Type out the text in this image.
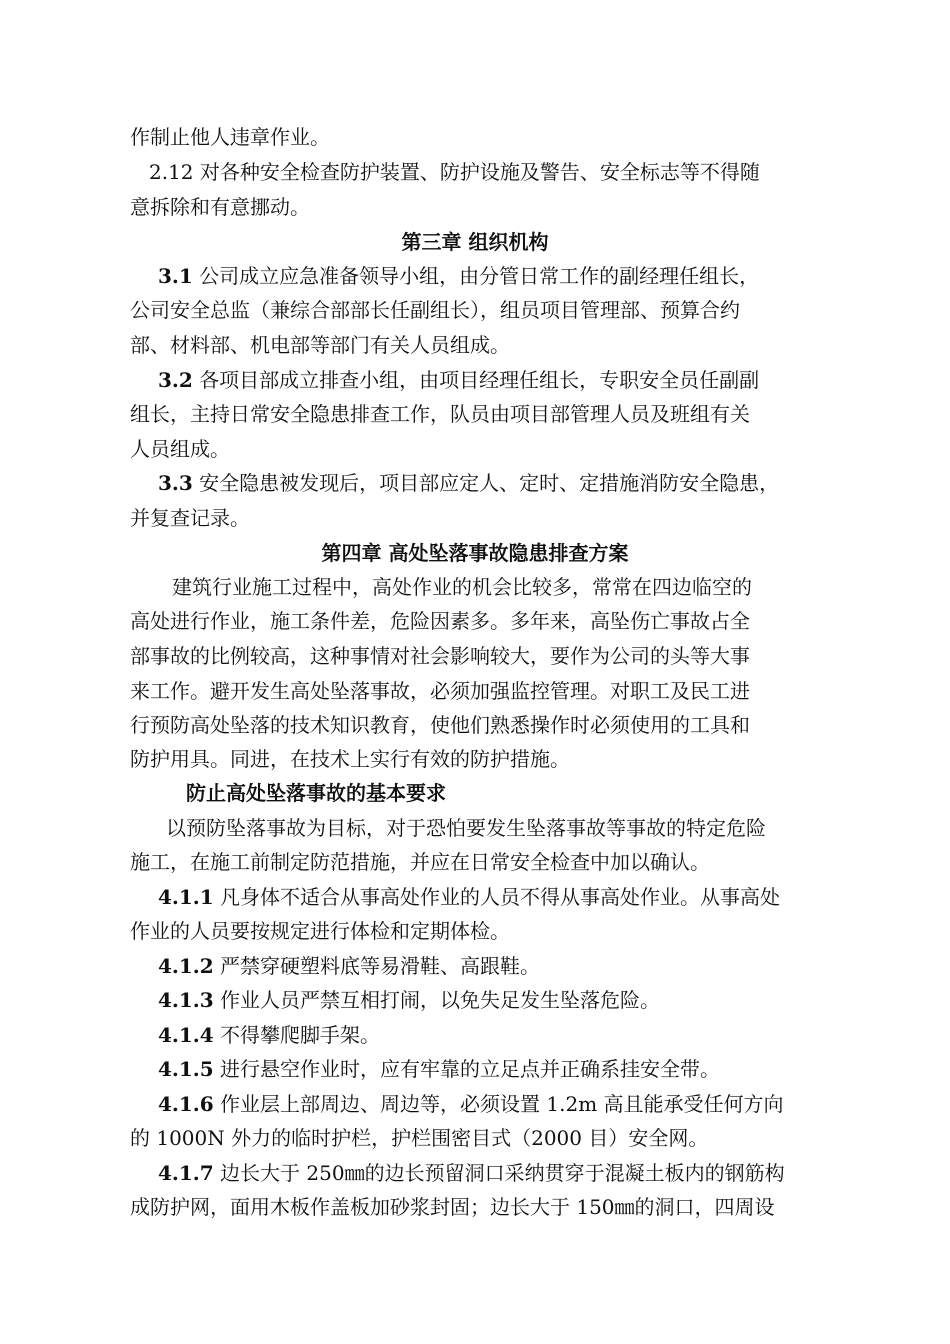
作制止他人违章作业。

2.12 对各种安全检查防护装置、防护设施及警告、安全标志等不得随

意拆除和有意挪动。

第三章 组织机构

3.1 公司成立应急准备领导小组，由分管日常工作的副经理任组长，

公司安全总监（兼综合部部长任副组长），组员项目管理部、预算合约

部、材料部、机电部等部门有关人员组成。

3.2 各项目部成立排查小组，由项目经理任组长，专职安全员任副副

组长，主持日常安全隐患排查工作，队员由项目部管理人员及班组有关

人员组成。

3.3 安全隐患被发现后，项目部应定人、定时、定措施消防安全隐患，

并复查记录。

第四章 高处坠落事故隐患排查方案

建筑行业施工过程中，高处作业的机会比较多，常常在四边临空的

高处进行作业，施工条件差，危险因素多。多年来，高坠伤亡事故占全

部事故的比例较高，这种事情对社会影响较大，要作为公司的头等大事

来工作。避开发生高处坠落事故，必须加强监控管理。对职工及民工进

行预防高处坠落的技术知识教育，使他们熟悉操作时必须使用的工具和

防护用具。同进，在技术上实行有效的防护措施。

防止高处坠落事故的基本要求

以预防坠落事故为目标，对于恐怕要发生坠落事故等事故的特定危险

施工，在施工前制定防范措施，并应在日常安全检查中加以确认。

4.1.1 凡身体不适合从事高处作业的人员不得从事高处作业。从事高处

作业的人员要按规定进行体检和定期体检。

4.1.2 严禁穿硬塑料底等易滑鞋、高跟鞋。

4.1.3 作业人员严禁互相打闹，以免失足发生坠落危险。

4.1.4 不得攀爬脚手架。

4.1.5 进行悬空作业时，应有牢靠的立足点并正确系挂安全带。

4.1.6 作业层上部周边、周边等，必须设置 1.2m 高且能承受任何方向

的 1000N 外力的临时护栏，护栏围密目式（2000 目）安全网。

4.1.7 边长大于 250㎜的边长预留洞口采纳贯穿于混凝土板内的钢筋构

成防护网，面用木板作盖板加砂浆封固；边长大于 150㎜的洞口，四周设
